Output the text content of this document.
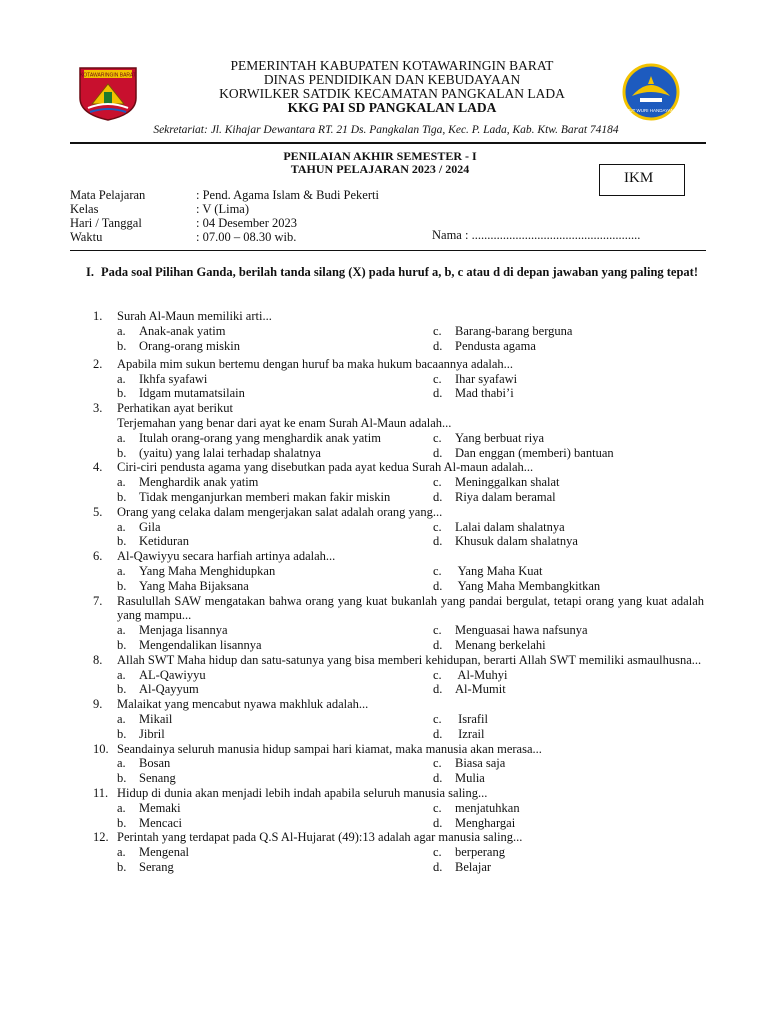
KOTAWARINGIN BARAT
PEMERINTAH KABUPATEN KOTAWARINGIN BARAT
DINAS PENDIDIKAN DAN KEBUDAYAAN
KORWILKER SATDIK KECAMATAN PANGKALAN LADA
KKG PAI SD PANGKALAN LADA	TUT WURI HANDAYANI
Sekretariat: Jl. Kihajar Dewantara RT. 21 Ds. Pangkalan Tiga, Kec. P. Lada, Kab. Ktw. Barat 74184
PENILAIAN AKHIR SEMESTER - I
TAHUN PELAJARAN 2023 / 2024
IKM
Mata Pelajaran	: Pend. Agama Islam & Budi Pekerti
Kelas	: V (Lima)
Hari / Tanggal	: 04 Desember 2023
Waktu	: 07.00 – 08.30 wib.	Nama : ......................................................
I. Pada soal Pilihan Ganda, berilah tanda silang (X) pada huruf a, b, c atau d di depan jawaban yang paling tepat!
1. Surah Al-Maun memiliki arti...
a. Anak-anak yatim	c. Barang-barang berguna
b. Orang-orang miskin	d. Pendusta agama
2. Apabila mim sukun bertemu dengan huruf ba maka hukum bacaannya adalah...
a. Ikhfa syafawi	c. Ihar syafawi
b. Idgam mutamatsilain	d. Mad thabi’i
3. Perhatikan ayat berikut
Terjemahan yang benar dari ayat ke enam Surah Al-Maun adalah...
a. Itulah orang-orang yang menghardik anak yatim	c. Yang berbuat riya
b. (yaitu) yang lalai terhadap shalatnya	d. Dan enggan (memberi) bantuan
4. Ciri-ciri pendusta agama yang disebutkan pada ayat kedua Surah Al-maun adalah...
a. Menghardik anak yatim	c. Meninggalkan shalat
b. Tidak menganjurkan memberi makan fakir miskin	d. Riya dalam beramal
5. Orang yang celaka dalam mengerjakan salat adalah orang yang...
a. Gila	c. Lalai dalam shalatnya
b. Ketiduran	d. Khusuk dalam shalatnya
6. Al-Qawiyyu secara harfiah artinya adalah...
a. Yang Maha Menghidupkan	c. Yang Maha Kuat
b. Yang Maha Bijaksana	d. Yang Maha Membangkitkan
7. Rasulullah SAW mengatakan bahwa orang yang kuat bukanlah yang pandai bergulat, tetapi orang yang kuat adalah yang mampu...
a. Menjaga lisannya	c. Menguasai hawa nafsunya
b. Mengendalikan lisannya	d. Menang berkelahi
8. Allah SWT Maha hidup dan satu-satunya yang bisa memberi kehidupan, berarti Allah SWT memiliki asmaulhusna...
a. AL-Qawiyyu	c. Al-Muhyi
b. Al-Qayyum	d. Al-Mumit
9. Malaikat yang mencabut nyawa makhluk adalah...
a. Mikail	c. Israfil
b. Jibril	d. Izrail
10. Seandainya seluruh manusia hidup sampai hari kiamat, maka manusia akan merasa...
a. Bosan	c. Biasa saja
b. Senang	d. Mulia
11. Hidup di dunia akan menjadi lebih indah apabila seluruh manusia saling...
a. Memaki	c. menjatuhkan
b. Mencaci	d. Menghargai
12. Perintah yang terdapat pada Q.S Al-Hujarat (49):13 adalah agar manusia saling...
a. Mengenal	c. berperang
b. Serang	d. Belajar
